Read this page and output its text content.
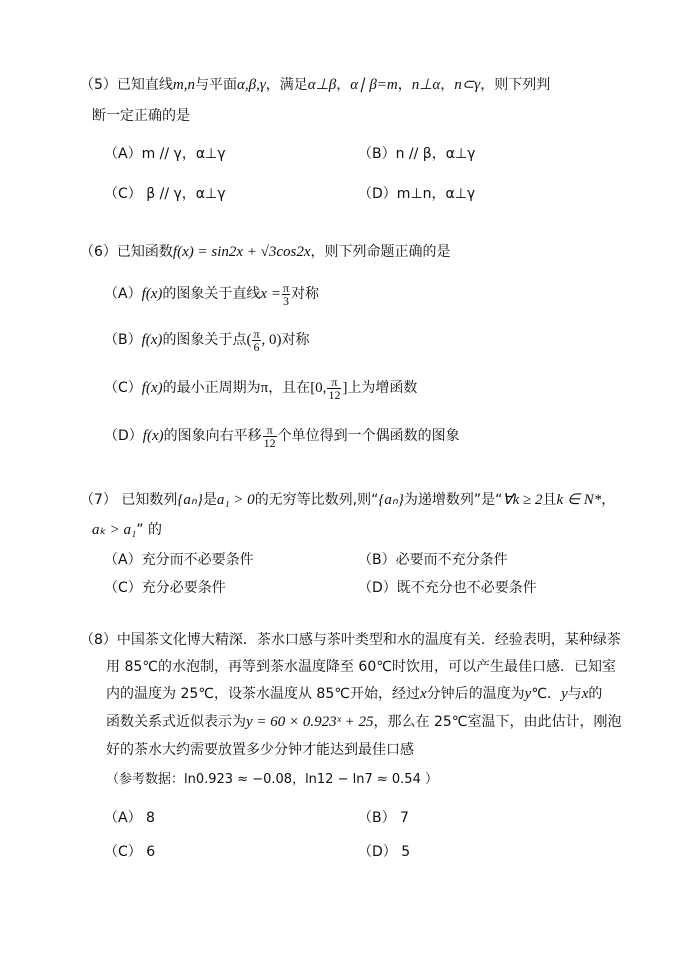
（5）已知直线m,n与平面α,β,γ，满足α⊥β，α∣ β=m，n⊥α，n⊂γ，则下列判
断一定正确的是
（A）m // γ，α⊥γ	（B）n // β，α⊥γ
（C） β // γ，α⊥γ	（D）m⊥n，α⊥γ
（6）已知函数f(x) = sin2x + √3cos2x，则下列命题正确的是
（A）f(x)的图象关于直线$x = \frac{\pi}{3}$ 对称
（B）f(x)的图象关于点( $\frac{\pi}{6}$ , 0)对称
（C）f(x)的最小正周期为π，且在[0, $\frac{\pi}{12}$ ]上为增函数
（D）f(x)的图象向右平移 $\frac{\pi}{12}$ 个单位得到一个偶函数的图象
（7） 已知数列{aₙ}是a₁ > 0的无穷等比数列,则“{aₙ}为递增数列”是“∀k ≥ 2且k ∈ N*，
aₖ > a₁” 的
（A）充分而不必要条件	（B）必要而不充分条件
（C）充分必要条件	（D）既不充分也不必要条件
（8）中国茶文化博大精深．茶水口感与茶叶类型和水的温度有关．经验表明，某种绿茶
用 85℃的水泡制，再等到茶水温度降至 60℃时饮用，可以产生最佳口感．已知室
内的温度为 25℃，设茶水温度从 85℃开始，经过x分钟后的温度为y℃．y与x的
函数关系式近似表示为y = 60 × 0.923ˣ + 25，那么在 25℃室温下，由此估计，刚泡
好的茶水大约需要放置多少分钟才能达到最佳口感
（参考数据：ln0.923 ≈ −0.08，ln12 − ln7 ≈ 0.54 ）
（A） 8	（B） 7
（C） 6	（D） 5
